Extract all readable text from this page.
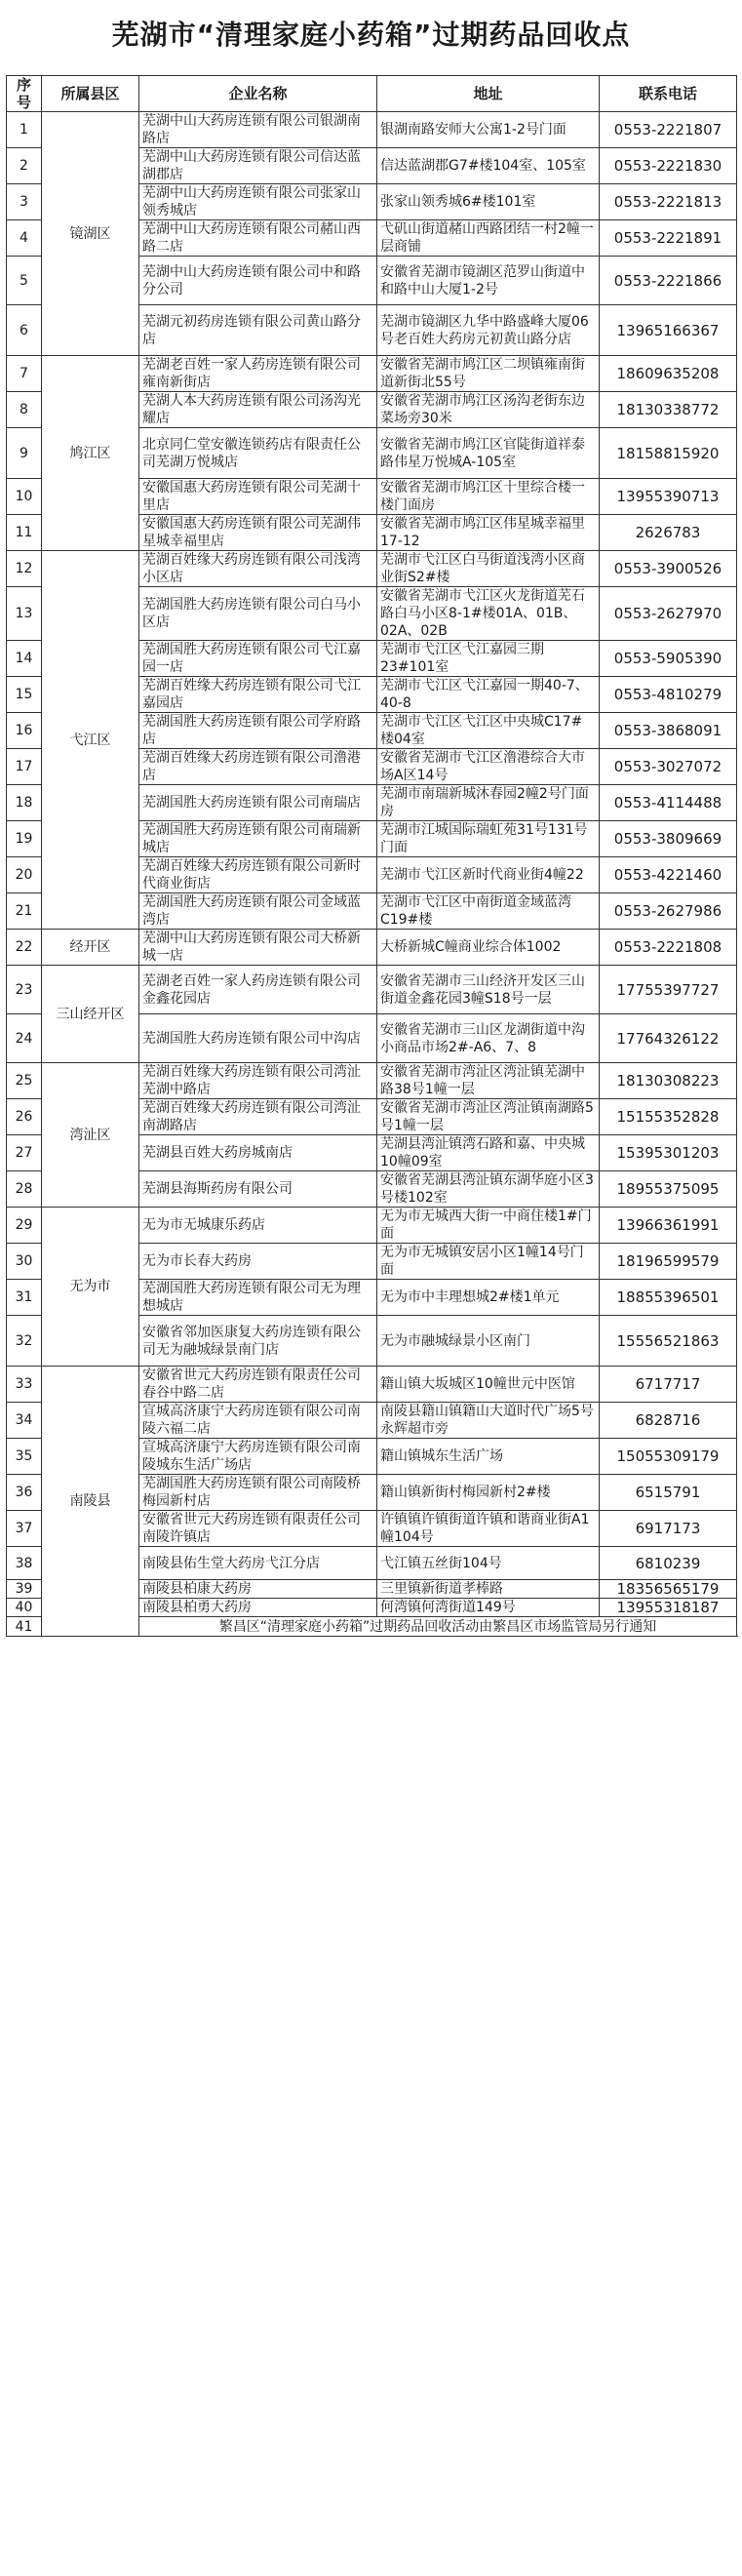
芜湖市“清理家庭小药箱”过期药品回收点
序号	所属县区	企业名称	地址	联系电话
1	镜湖区	芜湖中山大药房连锁有限公司银湖南路店	银湖南路安师大公寓1-2号门面	0553-2221807
2		芜湖中山大药房连锁有限公司信达蓝湖郡店	信达蓝湖郡G7#楼104室、105室	0553-2221830
3		芜湖中山大药房连锁有限公司张家山领秀城店	张家山领秀城6#楼101室	0553-2221813
4		芜湖中山大药房连锁有限公司赭山西路二店	弋矶山街道赭山西路团结一村2幢一层商铺	0553-2221891
5		芜湖中山大药房连锁有限公司中和路分公司	安徽省芜湖市镜湖区范罗山街道中和路中山大厦1-2号	0553-2221866
6		芜湖元初药房连锁有限公司黄山路分店	芜湖市镜湖区九华中路盛峰大厦06号老百姓大药房元初黄山路分店	13965166367
7	鸠江区	芜湖老百姓一家人药房连锁有限公司雍南新街店	安徽省芜湖市鸠江区二坝镇雍南街道新街北55号	18609635208
8		芜湖人本大药房连锁有限公司汤沟光耀店	安徽省芜湖市鸠江区汤沟老街东边菜场旁30米	18130338772
9		北京同仁堂安徽连锁药店有限责任公司芜湖万悦城店	安徽省芜湖市鸠江区官陡街道祥泰路伟星万悦城A-105室	18158815920
10		安徽国惠大药房连锁有限公司芜湖十里店	安徽省芜湖市鸠江区十里综合楼一楼门面房	13955390713
11		安徽国惠大药房连锁有限公司芜湖伟星城幸福里店	安徽省芜湖市鸠江区伟星城幸福里17-12	2626783
12	弋江区	芜湖百姓缘大药房连锁有限公司浅湾小区店	芜湖市弋江区白马街道浅湾小区商业街S2#楼	0553-3900526
13		芜湖国胜大药房连锁有限公司白马小区店	安徽省芜湖市弋江区火龙街道芜石路白马小区8-1#楼01A、01B、02A、02B	0553-2627970
14		芜湖国胜大药房连锁有限公司弋江嘉园一店	芜湖市弋江区弋江嘉园三期23#101室	0553-5905390
15		芜湖百姓缘大药房连锁有限公司弋江嘉园店	芜湖市弋江区弋江嘉园一期40-7、40-8	0553-4810279
16		芜湖国胜大药房连锁有限公司学府路店	芜湖市弋江区弋江区中央城C17#楼04室	0553-3868091
17		芜湖百姓缘大药房连锁有限公司澛港店	安徽省芜湖市弋江区澛港综合大市场A区14号	0553-3027072
18		芜湖国胜大药房连锁有限公司南瑞店	芜湖市南瑞新城沐春园2幢2号门面房	0553-4114488
19		芜湖国胜大药房连锁有限公司南瑞新城店	芜湖市江城国际瑞虹苑31号131号门面	0553-3809669
20		芜湖百姓缘大药房连锁有限公司新时代商业街店	芜湖市弋江区新时代商业街4幢22	0553-4221460
21		芜湖国胜大药房连锁有限公司金域蓝湾店	芜湖市弋江区中南街道金域蓝湾C19#楼	0553-2627986
22	经开区	芜湖中山大药房连锁有限公司大桥新城一店	大桥新城C幢商业综合体1002	0553-2221808
23	三山经开区	芜湖老百姓一家人药房连锁有限公司金鑫花园店	安徽省芜湖市三山经济开发区三山街道金鑫花园3幢S18号一层	17755397727
24		芜湖国胜大药房连锁有限公司中沟店	安徽省芜湖市三山区龙湖街道中沟小商品市场2#-A6、7、8	17764326122
25	湾沚区	芜湖百姓缘大药房连锁有限公司湾沚芜湖中路店	安徽省芜湖市湾沚区湾沚镇芜湖中路38号1幢一层	18130308223
26		芜湖百姓缘大药房连锁有限公司湾沚南湖路店	安徽省芜湖市湾沚区湾沚镇南湖路5号1幢一层	15155352828
27		芜湖县百姓大药房城南店	芜湖县湾沚镇湾石路和嘉、中央城10幢09室	15395301203
28		芜湖县海斯药房有限公司	安徽省芜湖县湾沚镇东湖华庭小区3号楼102室	18955375095
29	无为市	无为市无城康乐药店	无为市无城西大街一中商住楼1#门面	13966361991
30		无为市长春大药房	无为市无城镇安居小区1幢14号门面	18196599579
31		芜湖国胜大药房连锁有限公司无为理想城店	无为市中丰理想城2#楼1单元	18855396501
32		安徽省邻加医康复大药房连锁有限公司无为融城绿景南门店	无为市融城绿景小区南门	15556521863
33	南陵县	安徽省世元大药房连锁有限责任公司春谷中路二店	籍山镇大坂城区10幢世元中医馆	6717717
34		宣城高济康宁大药房连锁有限公司南陵六福二店	南陵县籍山镇籍山大道时代广场5号永辉超市旁	6828716
35		宣城高济康宁大药房连锁有限公司南陵城东生活广场店	籍山镇城东生活广场	15055309179
36		芜湖国胜大药房连锁有限公司南陵桥梅园新村店	籍山镇新街村梅园新村2#楼	6515791
37		安徽省世元大药房连锁有限责任公司南陵许镇店	许镇镇许镇街道许镇和谐商业街A1幢104号	6917173
38		南陵县佑生堂大药房弋江分店	弋江镇五丝街104号	6810239
39		南陵县柏康大药房	三里镇新街道孝棒路	18356565179
40		南陵县柏勇大药房	何湾镇何湾街道149号	13955318187
41		繁昌区“清理家庭小药箱”过期药品回收活动由繁昌区市场监管局另行通知		
